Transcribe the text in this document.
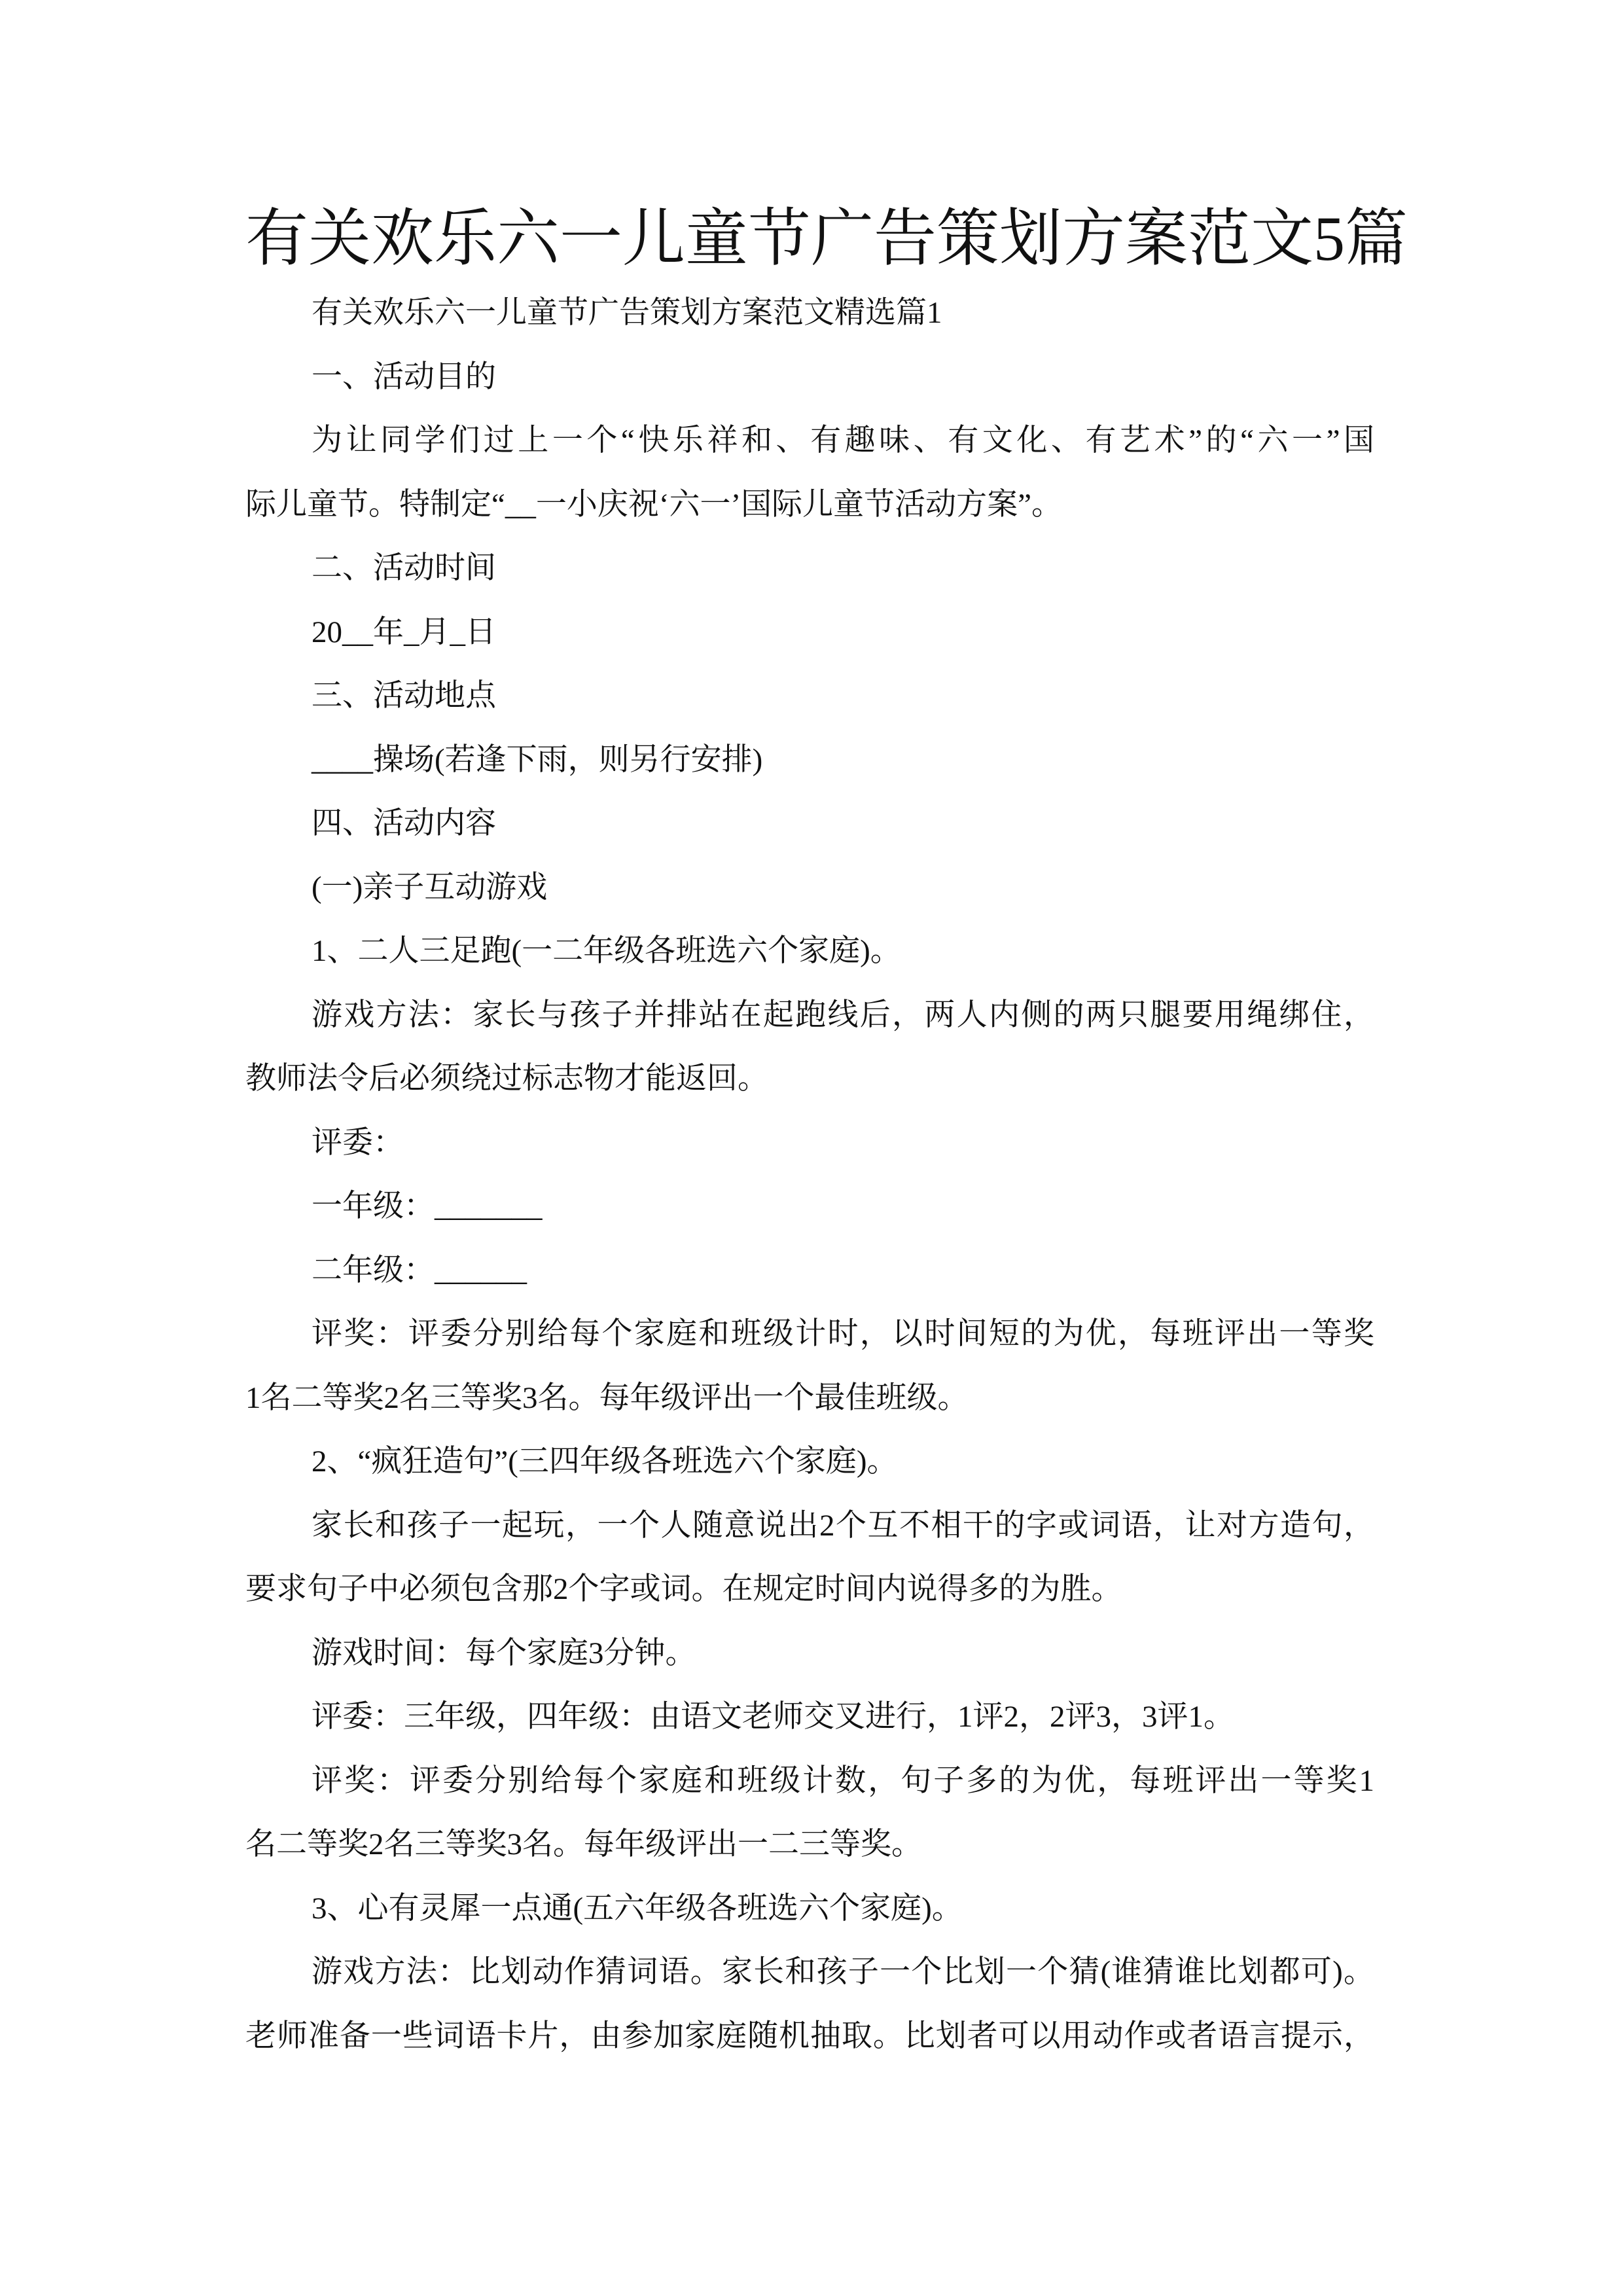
有关欢乐六一儿童节广告策划方案范文5篇
有关欢乐六一儿童节广告策划方案范文精选篇1
一、活动目的
为让同学们过上一个“快乐祥和、有趣味、有文化、有艺术”的“六一”国
际儿童节。特制定“__一小庆祝‘六一’国际儿童节活动方案”。
二、活动时间
20__年_月_日
三、活动地点
____操场(若逢下雨，则另行安排)
四、活动内容
(一)亲子互动游戏
1、二人三足跑(一二年级各班选六个家庭)。
游戏方法：家长与孩子并排站在起跑线后，两人内侧的两只腿要用绳绑住，
教师法令后必须绕过标志物才能返回。
评委：
一年级：_______
二年级：______
评奖：评委分别给每个家庭和班级计时，以时间短的为优，每班评出一等奖
1名二等奖2名三等奖3名。每年级评出一个最佳班级。
2、“疯狂造句”(三四年级各班选六个家庭)。
家长和孩子一起玩，一个人随意说出2个互不相干的字或词语，让对方造句，
要求句子中必须包含那2个字或词。在规定时间内说得多的为胜。
游戏时间：每个家庭3分钟。
评委：三年级，四年级：由语文老师交叉进行，1评2，2评3，3评1。
评奖：评委分别给每个家庭和班级计数，句子多的为优，每班评出一等奖1
名二等奖2名三等奖3名。每年级评出一二三等奖。
3、心有灵犀一点通(五六年级各班选六个家庭)。
游戏方法：比划动作猜词语。家长和孩子一个比划一个猜(谁猜谁比划都可)。
老师准备一些词语卡片，由参加家庭随机抽取。比划者可以用动作或者语言提示，
